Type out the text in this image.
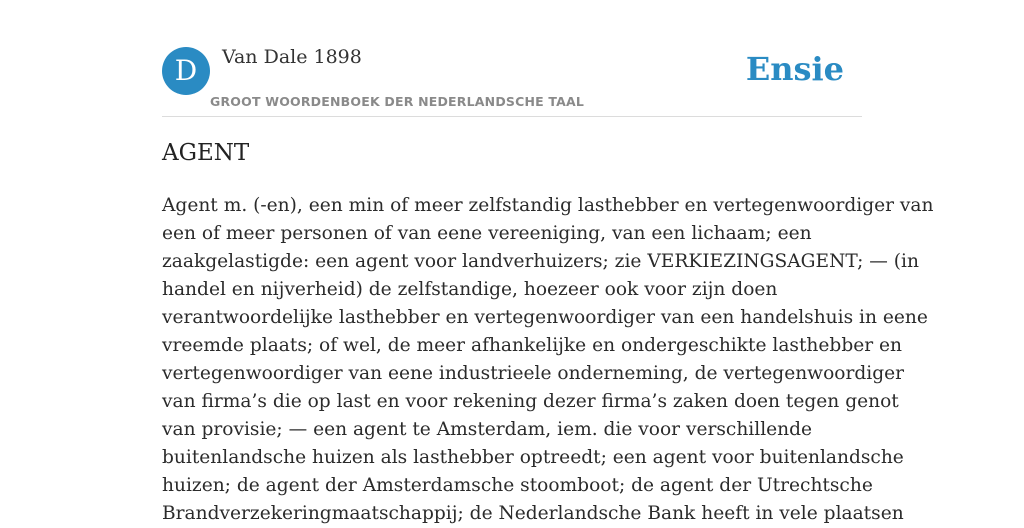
D	Van Dale 1898
GROOT WOORDENBOEK DER NEDERLANDSCHE TAAL
Ensie
AGENT

Agent m. (-en), een min of meer zelfstandig lasthebber en vertegenwoordiger van
een of meer personen of van eene vereeniging, van een lichaam; een
zaakgelastigde: een agent voor landverhuizers; zie VERKIEZINGSAGENT; — (in
handel en nijverheid) de zelfstandige, hoezeer ook voor zijn doen
verantwoordelijke lasthebber en vertegenwoordiger van een handelshuis in eene
vreemde plaats; of wel, de meer afhankelijke en ondergeschikte lasthebber en
vertegenwoordiger van eene industrieele onderneming, de vertegenwoordiger
van firma’s die op last en voor rekening dezer firma’s zaken doen tegen genot
van provisie; — een agent te Amsterdam, iem. die voor verschillende
buitenlandsche huizen als lasthebber optreedt; een agent voor buitenlandsche
huizen; de agent der Amsterdamsche stoomboot; de agent der Utrechtsche
Brandverzekeringmaatschappij; de Nederlandsche Bank heeft in vele plaatsen
